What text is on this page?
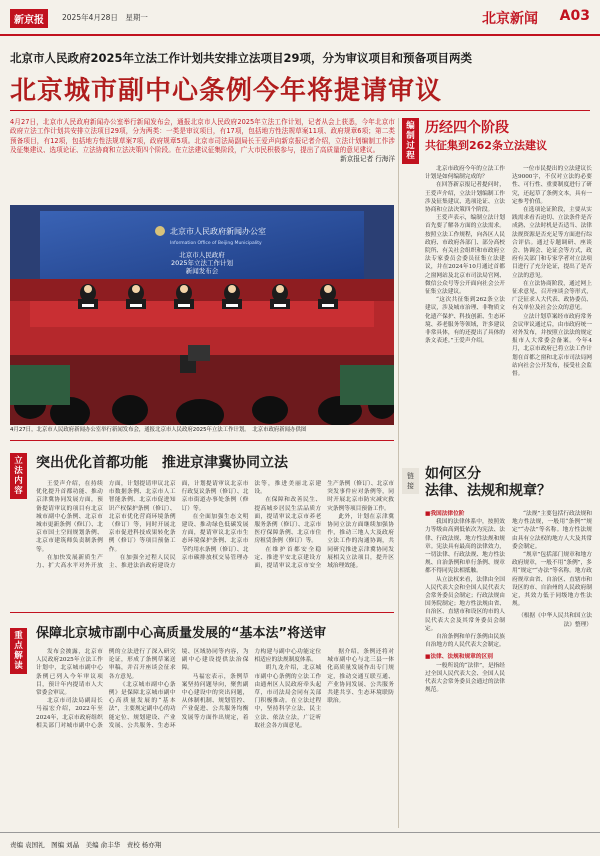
新京报	2025年4月28日　星期一	北京新闻 A03
北京市人民政府2025年立法工作计划共安排立法项目29项，分为审议项目和预备项目两类
北京城市副中心条例今年将提请审议
4月27日，北京市人民政府新闻办公室举行新闻发布会，通报北京市人民政府2025年立法工作计划，记者从会上获悉，今年北京市政府立法工作计划共安排立法项目29项，分为两类：一类是审议项目，有17项，包括地方性法规草案11项、政府规章6项；第二类预备项目，有12项，包括地方性法规草案7项，政府规章5项。北京市司法局副局长王爱声向新京报记者介绍，立法计划编制工作涉及征集建议、选项论证、立法协商和立法决策四个阶段。在立法建议征集阶段，广大市民积极参与，提出了高质量的意见建议。
新京报记者 行海洋
北京市人民政府新闻办公室
Information Office of Beijing Municipality
北京市人民政府 2025年立法工作计划新闻发布会
4月27日，北京市人民政府新闻办公室举行新闻发布会，通报北京市人民政府2025年立法工作计划。　北京市政府新闻办供图
编
制
过
程
历经四个阶段
共征集到262条立法建议

北京市政府今年的立法工作计划是如何编制完成的？

在回答新京报记者提问时，王爱声介绍，立法计划编制工作涉及征集建议、选项论证、立法协商和立法决策四个阶段。

王爱声表示，编制立法计划首先要了解各方面的立法需求。按照立法工作规程，向各区人民政府、市政府各部门、部分高校院所、有关社会组织和市政府立法专家委员会委员征集立法建议，并在2024年10月通过首都之窗网站及北京市司法局官网、微信公众号等公开面向社会公开征集立法建议。

“这次共征集到262条立法建议，涉及城市治理、非物质文化遗产保护、科技创新、生态环境、养老服务等领域，许多建议非常具体，有的还提出了具体的条文表述。”王爱声介绍。

一位市民提出的立法建议长达9000字，不仅对立法的必要性、可行性、重要制度进行了研究，还起草了条例文本，具有一定参考价值。

在选项论证阶段，主要从实践需求看否迫切、立法条件是否成熟、立法时机是否适当、法律法规资源是否充足等方面进行综合评估。通过专题调研、座谈会、协调会、论证会等方式，政府有关部门和专家学者对立法项目进行了充分论证，提出了是否立法的意见。

在立法协商阶段，通过网上征求意见、召开座谈会等形式，广泛征求人大代表、政协委员、有关单位及社会公众的意见。

立法计划草案经市政府常务会议审议通过后，由市政府统一对外发布，并按照立法法的规定报市人大常委会备案。今年4月，北京市政府已将立法工作计划在首都之窗和北京市司法局网站向社会公开发布，接受社会监督。

立
法
内
容
突出优化首都功能　推进京津冀协同立法

王爱声介绍，在持续优化提升首都功能、推动京津冀协同发展方面，预备提请审议的项目有北京城市副中心条例、北京市城市更新条例（修订）、北京市国土空间规划条例、北京市建筑师负责制条例等。

在加快发展新质生产力、扩大高水平对外开放方面，计划提请审议北京市数据条例、北京市人工智能条例、北京市促进知识产权保护条例（修订）、北京市优化营商环境条例（修订）等，同时开展北京市促进科技成果转化条例（修订）等项目预备工作。

在加强全过程人民民主、推进法治政府建设方面，计划提请审议北京市行政复议条例（修订）、北京市街道办事处条例（修订）等。

在全面加强生态文明建设、推动绿色低碳发展方面，提请审议北京市生态环境保护条例、北京市节约用水条例（修订）、北京市碳排放权交易管理办法等，推进美丽北京建设。

在保障和改善民生、提高城乡居民生活品质方面，提请审议北京市养老服务条例（修订）、北京市医疗保障条例、北京市住房租赁条例（修订）等。

在维护首都安全稳定、推进平安北京建设方面，提请审议北京市安全生产条例（修订）、北京市突发事件应对条例等，同时开展北京市防灾减灾救灾条例等项目预备工作。

此外，计划在京津冀协同立法方面继续加强协作，推动三地人大及政府立法工作的沟通协调，共同研究推进京津冀协同发展相关立法项目，提升区域治理效能。

重
点
解
读
保障北京城市副中心高质量发展的“基本法”将送审

发布会披露，北京市人民政府2025年立法工作计划中，北京城市副中心条例已列入今年审议项目，预计年内提请市人大常委会审议。

北京市司法局副局长马福宏介绍，2022年至2024年，北京市政府组织相关部门对城市副中心条例的立法进行了深入研究论证，形成了条例草案送审稿，并召开座谈会征求各方意见。

《北京城市副中心条例》是保障北京城市副中心高质量发展的“基本法”，主要规定副中心的功能定位、规划建设、产业发展、公共服务、生态环境、区域协同等内容，为副中心建设提供法治保障。

马福宏表示，条例草案坚持问题导向，聚焦副中心建设中的突出问题，从体制机制、规划管控、产业促进、公共服务均衡发展等方面作出规定，着力构建与副中心功能定位相适应的法规制度体系。

胡九龙介绍，北京城市副中心条例的立法工作由通州区人民政府牵头起草，市司法局会同有关部门积极推动。在立法过程中，坚持科学立法、民主立法、依法立法，广泛听取社会各方面意见。

据介绍，条例还将对城市副中心与北三县一体化高质量发展作出专门规定，推动交通互联互通、产业协同发展、公共服务共建共享、生态环境联防联治。

链
接
如何区分
法律、法规和规章？
■我国法律位阶

我国的法律体系中，按照效力等级由高到低依次为宪法、法律、行政法规、地方性法规和规章。宪法具有最高的法律效力，一切法律、行政法规、地方性法规、自治条例和单行条例、规章都不得同宪法相抵触。

从立法权来看，法律由全国人民代表大会和全国人民代表大会常务委员会制定；行政法规由国务院制定；地方性法规由省、自治区、直辖市和设区的市的人民代表大会及其常务委员会制定。

自治条例和单行条例由民族自治地方的人民代表大会制定。

■法律、法规和规章的区别

一般所说的“法律”，是指经过全国人民代表大会、全国人民代表大会常务委员会通过的法律规范。

“法规”主要包括行政法规和地方性法规，一般用“条例”“规定”“办法”等名称。地方性法规由具有立法权的地方人大及其常委会制定。

“规章”包括部门规章和地方政府规章，一般不用“条例”，多用“规定”“办法”等名称。地方政府规章由省、自治区、直辖市和设区的市、自治州的人民政府制定，其效力低于同级地方性法规。

（根据《中华人民共和国立法法》整理）
责编 袁国礼　图编 刘晶　美编 俞丰华　责校 杨亦翔
